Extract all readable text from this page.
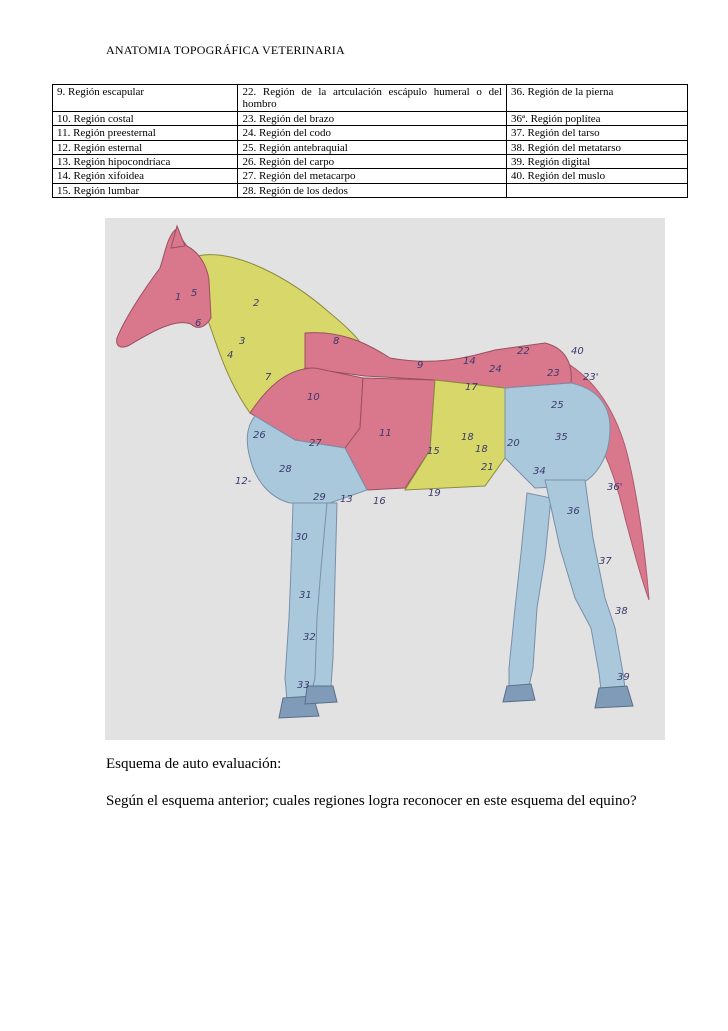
ANATOMIA TOPOGRÁFICA VETERINARIA
9. Región escapular	22. Región de la artculación escápulo humeral o del hombro	36. Región de la pierna
10. Región costal	23. Región del brazo	36ª. Región poplítea
11. Región preesternal	24. Región del codo	37. Región del tarso
12. Región esternal	25. Región antebraquial	38. Región del metatarso
13. Región hipocondríaca	26. Región del carpo	39. Región digital
14. Región xifoidea	27. Región del metacarpo	40. Región del muslo
15. Región lumbar	28. Región de los dedos	
1 5
6
2
3
4
7
8
9
10
11
12-
13
14
15
16
17
18
18
19
20
21
22
23 23'
24
25
26
27
28
29
30
31
32
33
34
35
36
36'
37
38
39
40
Esquema de auto evaluación:
Según el esquema anterior; cuales regiones logra reconocer en este esquema del equino?
